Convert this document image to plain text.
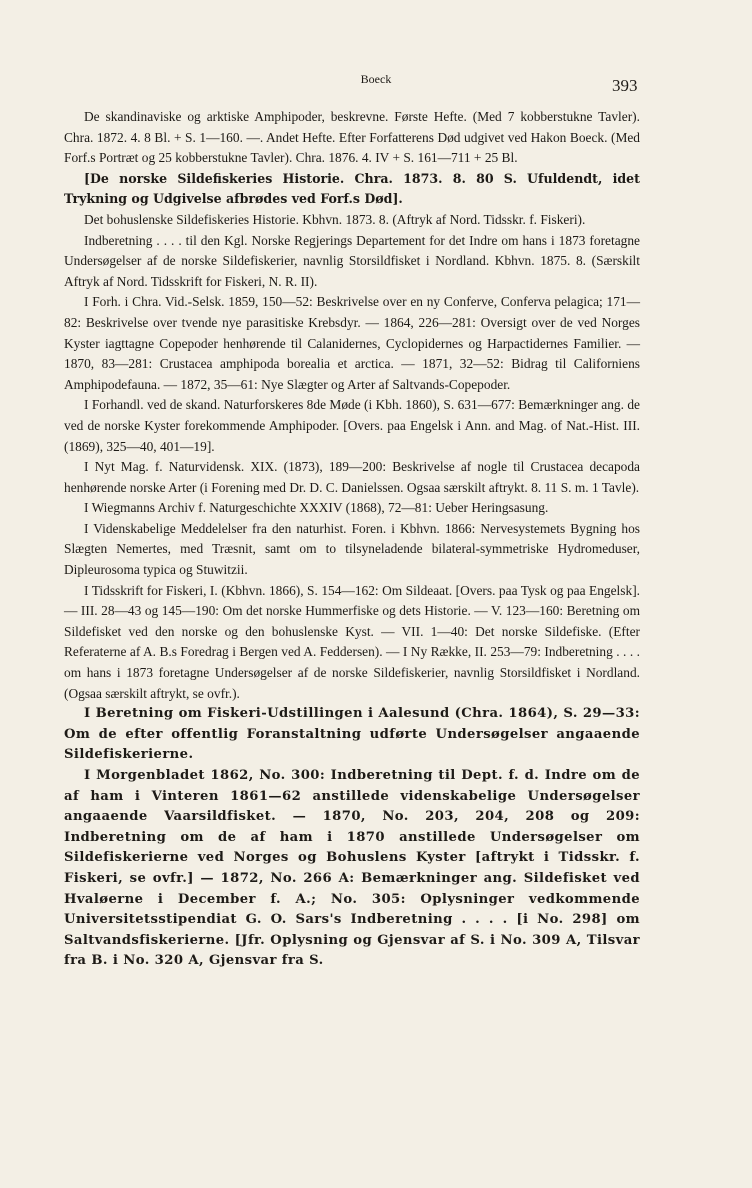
Boeck	393

De skandinaviske og arktiske Amphipoder, beskrevne. Første Hefte. (Med 7 kobberstukne Tavler). Chra. 1872. 4. 8 Bl. + S. 1—160. —. Andet Hefte. Efter Forfatterens Død udgivet ved Hakon Boeck. (Med Forf.s Portræt og 25 kobberstukne Tavler). Chra. 1876. 4. IV + S. 161—711 + 25 Bl.

[De norske Sildefiskeries Historie. Chra. 1873. 8. 80 S. Ufuldendt, idet Trykning og Udgivelse afbrødes ved Forf.s Død].

Det bohuslenske Sildefiskeries Historie. Kbhvn. 1873. 8. (Aftryk af Nord. Tidsskr. f. Fiskeri).

Indberetning . . . . til den Kgl. Norske Regjerings Departement for det Indre om hans i 1873 foretagne Undersøgelser af de norske Sildefiskerier, navnlig Storsildfisket i Nordland. Kbhvn. 1875. 8. (Særskilt Aftryk af Nord. Tidsskrift for Fiskeri, N. R. II).

I Forh. i Chra. Vid.-Selsk. 1859, 150—52: Beskrivelse over en ny Conferve, Conferva pelagica; 171—82: Beskrivelse over tvende nye parasitiske Krebsdyr. — 1864, 226—281: Oversigt over de ved Norges Kyster iagttagne Copepoder henhørende til Calanidernes, Cyclopidernes og Harpactidernes Familier. — 1870, 83—281: Crustacea amphipoda borealia et arctica. — 1871, 32—52: Bidrag til Californiens Amphipodefauna. — 1872, 35—61: Nye Slægter og Arter af Saltvands-Copepoder.

I Forhandl. ved de skand. Naturforskeres 8de Møde (i Kbh. 1860), S. 631—677: Bemærkninger ang. de ved de norske Kyster forekommende Amphipoder. [Overs. paa Engelsk i Ann. and Mag. of Nat.-Hist. III. (1869), 325—40, 401—19].

I Nyt Mag. f. Naturvidensk. XIX. (1873), 189—200: Beskrivelse af nogle til Crustacea decapoda henhørende norske Arter (i Forening med Dr. D. C. Danielssen. Ogsaa særskilt aftrykt. 8. 11 S. m. 1 Tavle).

I Wiegmanns Archiv f. Naturgeschichte XXXIV (1868), 72—81: Ueber Heringsasung.

I Videnskabelige Meddelelser fra den naturhist. Foren. i Kbhvn. 1866: Nervesystemets Bygning hos Slægten Nemertes, med Træsnit, samt om to tilsyneladende bilateral-symmetriske Hydromeduser, Dipleurosoma typica og Stuwitzii.

I Tidsskrift for Fiskeri, I. (Kbhvn. 1866), S. 154—162: Om Sildeaat. [Overs. paa Tysk og paa Engelsk]. — III. 28—43 og 145—190: Om det norske Hummerfiske og dets Historie. — V. 123—160: Beretning om Sildefisket ved den norske og den bohuslenske Kyst. — VII. 1—40: Det norske Sildefiske. (Efter Referaterne af A. B.s Foredrag i Bergen ved A. Feddersen). — I Ny Række, II. 253—79: Indberetning . . . . om hans i 1873 foretagne Undersøgelser af de norske Sildefiskerier, navnlig Storsildfisket i Nordland. (Ogsaa særskilt aftrykt, se ovfr.).

I Beretning om Fiskeri-Udstillingen i Aalesund (Chra. 1864), S. 29—33: Om de efter offentlig Foranstaltning udførte Undersøgelser angaaende Sildefiskerierne.

I Morgenbladet 1862, No. 300: Indberetning til Dept. f. d. Indre om de af ham i Vinteren 1861—62 anstillede videnskabelige Undersøgelser angaaende Vaarsildfisket. — 1870, No. 203, 204, 208 og 209: Indberetning om de af ham i 1870 anstillede Undersøgelser om Sildefiskerierne ved Norges og Bohuslens Kyster [aftrykt i Tidsskr. f. Fiskeri, se ovfr.] — 1872, No. 266 A: Bemærkninger ang. Sildefisket ved Hvaløerne i December f. A.; No. 305: Oplysninger vedkommende Universitetsstipendiat G. O. Sars's Indberetning . . . . [i No. 298] om Saltvandsfiskerierne. [Jfr. Oplysning og Gjensvar af S. i No. 309 A, Tilsvar fra B. i No. 320 A, Gjensvar fra S.
